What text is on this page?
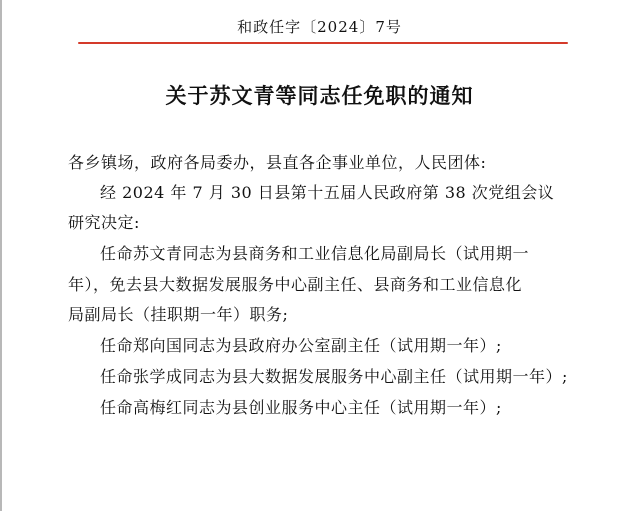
和政任字〔2024〕7号
关于苏文青等同志任免职的通知
各乡镇场，政府各局委办，县直各企事业单位，人民团体:
经 2024 年 7 月 30 日县第十五届人民政府第 38 次党组会议
研究决定:
任命苏文青同志为县商务和工业信息化局副局长（试用期一
年），免去县大数据发展服务中心副主任、县商务和工业信息化
局副局长（挂职期一年）职务;
任命郑向国同志为县政府办公室副主任（试用期一年）;
任命张学成同志为县大数据发展服务中心副主任（试用期一年）;
任命高梅红同志为县创业服务中心主任（试用期一年）;
